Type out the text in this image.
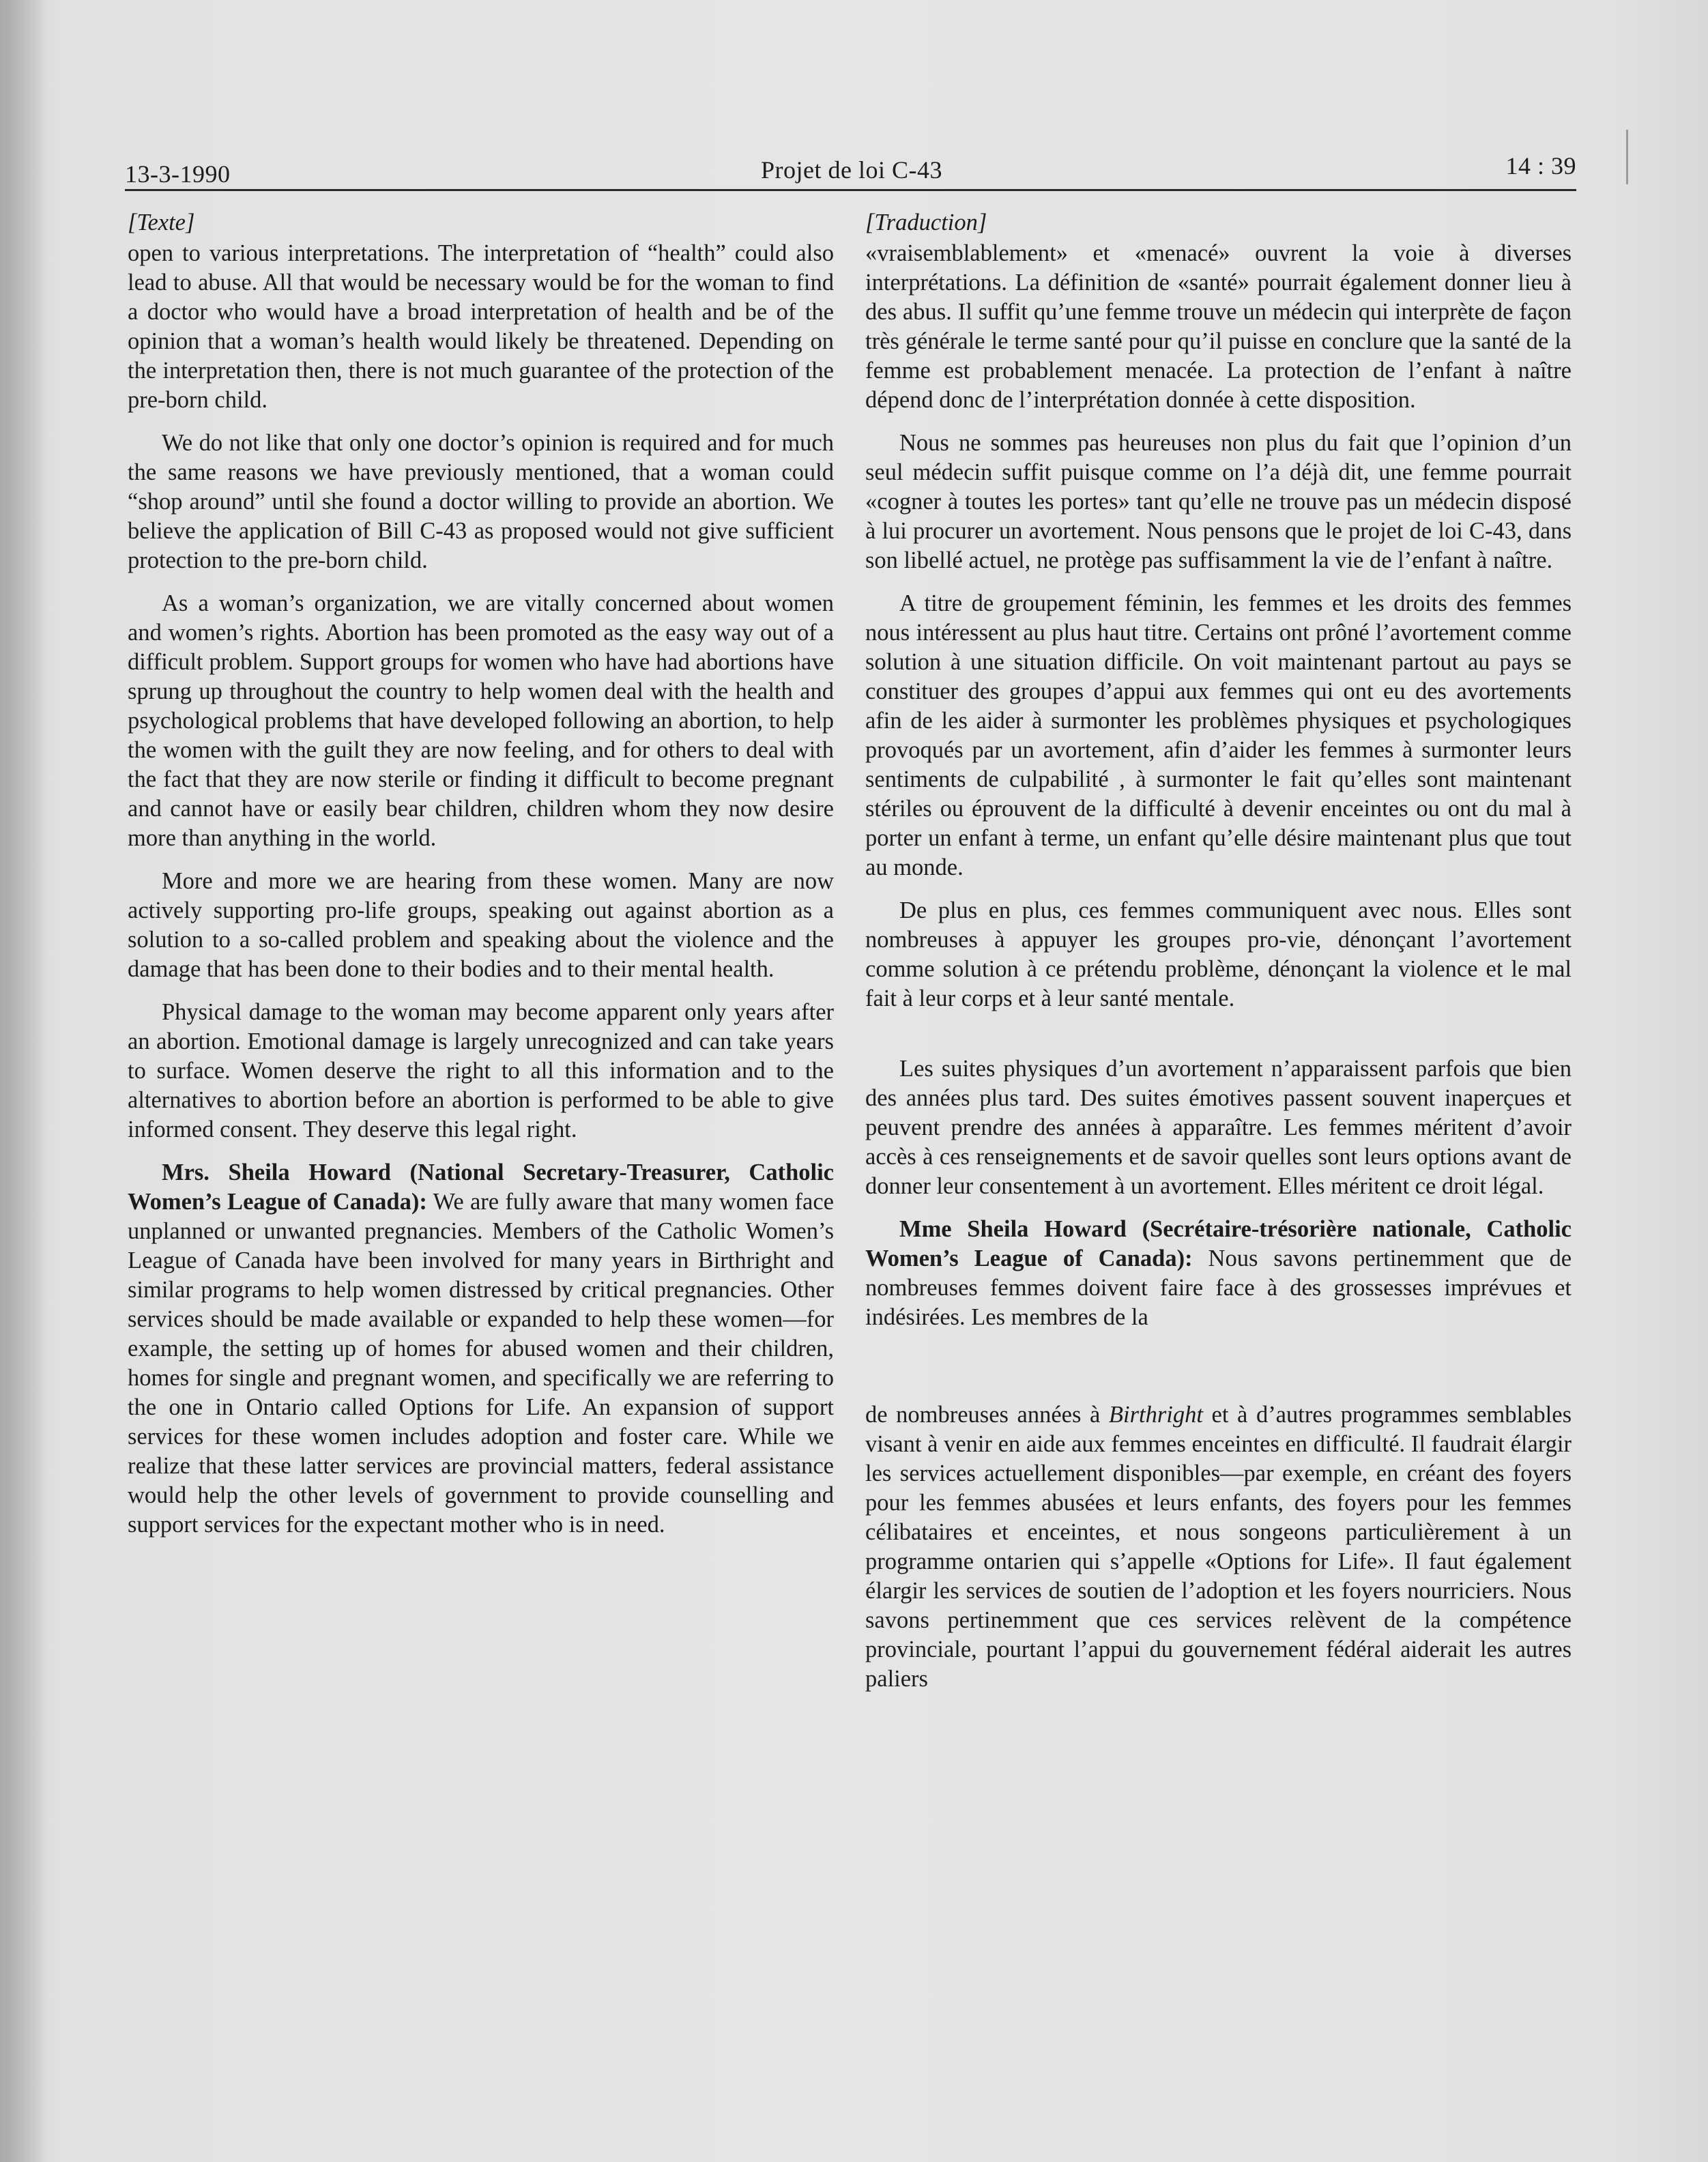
13-3-1990	Projet de loi C-43	14 : 39
[Texte]

open to various interpretations. The interpretation of “health” could also lead to abuse. All that would be necessary would be for the woman to find a doctor who would have a broad interpretation of health and be of the opinion that a woman’s health would likely be threatened. Depending on the interpretation then, there is not much guarantee of the protection of the pre-born child.

We do not like that only one doctor’s opinion is required and for much the same reasons we have previously mentioned, that a woman could “shop around” until she found a doctor willing to provide an abortion. We believe the application of Bill C-43 as proposed would not give sufficient protection to the pre-born child.

As a woman’s organization, we are vitally concerned about women and women’s rights. Abortion has been promoted as the easy way out of a difficult problem. Support groups for women who have had abortions have sprung up throughout the country to help women deal with the health and psychological problems that have developed following an abortion, to help the women with the guilt they are now feeling, and for others to deal with the fact that they are now sterile or finding it difficult to become pregnant and cannot have or easily bear children, children whom they now desire more than anything in the world.

More and more we are hearing from these women. Many are now actively supporting pro-life groups, speaking out against abortion as a solution to a so-called problem and speaking about the violence and the damage that has been done to their bodies and to their mental health.

Physical damage to the woman may become apparent only years after an abortion. Emotional damage is largely unrecognized and can take years to surface. Women deserve the right to all this information and to the alternatives to abortion before an abortion is performed to be able to give informed consent. They deserve this legal right.

Mrs. Sheila Howard (National Secretary-Treasurer, Catholic Women’s League of Canada): We are fully aware that many women face unplanned or unwanted pregnancies. Members of the Catholic Women’s League of Canada have been involved for many years in Birthright and similar programs to help women distressed by critical pregnancies. Other services should be made available or expanded to help these women—for example, the setting up of homes for abused women and their children, homes for single and pregnant women, and specifically we are referring to the one in Ontario called Options for Life. An expansion of support services for these women includes adoption and foster care. While we realize that these latter services are provincial matters, federal assistance would help the other levels of government to provide counselling and support services for the expectant mother who is in need.

[Traduction]

«vraisemblablement» et «menacé» ouvrent la voie à diverses interprétations. La définition de «santé» pourrait également donner lieu à des abus. Il suffit qu’une femme trouve un médecin qui interprète de façon très générale le terme santé pour qu’il puisse en conclure que la santé de la femme est probablement menacée. La protection de l’enfant à naître dépend donc de l’interprétation donnée à cette disposition.

Nous ne sommes pas heureuses non plus du fait que l’opinion d’un seul médecin suffit puisque comme on l’a déjà dit, une femme pourrait «cogner à toutes les portes» tant qu’elle ne trouve pas un médecin disposé à lui procurer un avortement. Nous pensons que le projet de loi C-43, dans son libellé actuel, ne protège pas suffisamment la vie de l’enfant à naître.

A titre de groupement féminin, les femmes et les droits des femmes nous intéressent au plus haut titre. Certains ont prôné l’avortement comme solution à une situation difficile. On voit maintenant partout au pays se constituer des groupes d’appui aux femmes qui ont eu des avortements afin de les aider à surmonter les problèmes physiques et psychologiques provoqués par un avortement, afin d’aider les femmes à surmonter leurs sentiments de culpabilité , à surmonter le fait qu’elles sont maintenant stériles ou éprouvent de la difficulté à devenir enceintes ou ont du mal à porter un enfant à terme, un enfant qu’elle désire maintenant plus que tout au monde.

De plus en plus, ces femmes communiquent avec nous. Elles sont nombreuses à appuyer les groupes pro-vie, dénonçant l’avortement comme solution à ce prétendu problème, dénonçant la violence et le mal fait à leur corps et à leur santé mentale.

Les suites physiques d’un avortement n’apparaissent parfois que bien des années plus tard. Des suites émotives passent souvent inaperçues et peuvent prendre des années à apparaître. Les femmes méritent d’avoir accès à ces renseignements et de savoir quelles sont leurs options avant de donner leur consentement à un avortement. Elles méritent ce droit légal.

Mme Sheila Howard (Secrétaire-trésorière nationale, Catholic Women’s League of Canada): Nous savons pertinemment que de nombreuses femmes doivent faire face à des grossesses imprévues et indésirées. Les membres de la

de nombreuses années à Birthright et à d’autres programmes semblables visant à venir en aide aux femmes enceintes en difficulté. Il faudrait élargir les services actuellement disponibles—par exemple, en créant des foyers pour les femmes abusées et leurs enfants, des foyers pour les femmes célibataires et enceintes, et nous songeons particulièrement à un programme ontarien qui s’appelle «Options for Life». Il faut également élargir les services de soutien de l’adoption et les foyers nourriciers. Nous savons pertinemment que ces services relèvent de la compétence provinciale, pourtant l’appui du gouvernement fédéral aiderait les autres paliers
